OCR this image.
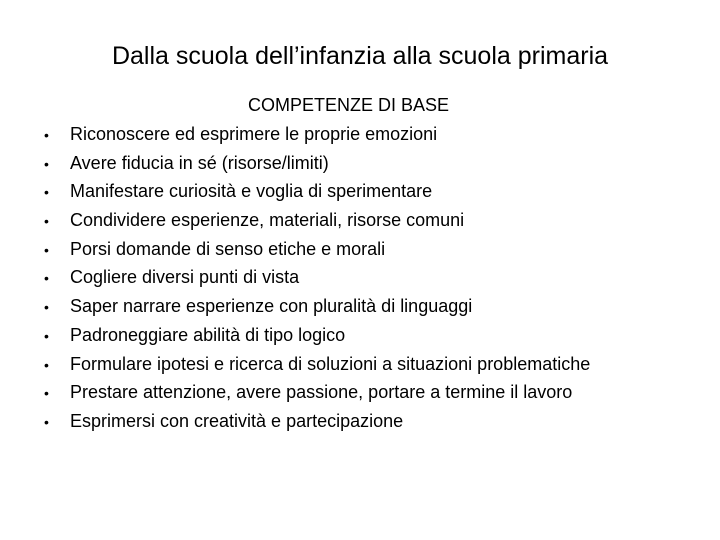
Dalla scuola dell’infanzia alla scuola primaria
COMPETENZE DI BASE
•	Riconoscere ed esprimere le proprie emozioni
•	Avere fiducia in sé (risorse/limiti)
•	Manifestare curiosità e voglia di sperimentare
•	Condividere esperienze, materiali, risorse comuni
•	Porsi domande di senso etiche e morali
•	Cogliere diversi punti di vista
•	Saper narrare esperienze con pluralità di linguaggi
•	Padroneggiare abilità di tipo logico
•	Formulare ipotesi e ricerca di soluzioni a situazioni problematiche
•	Prestare attenzione, avere passione, portare a termine il lavoro
•	Esprimersi con creatività e partecipazione
